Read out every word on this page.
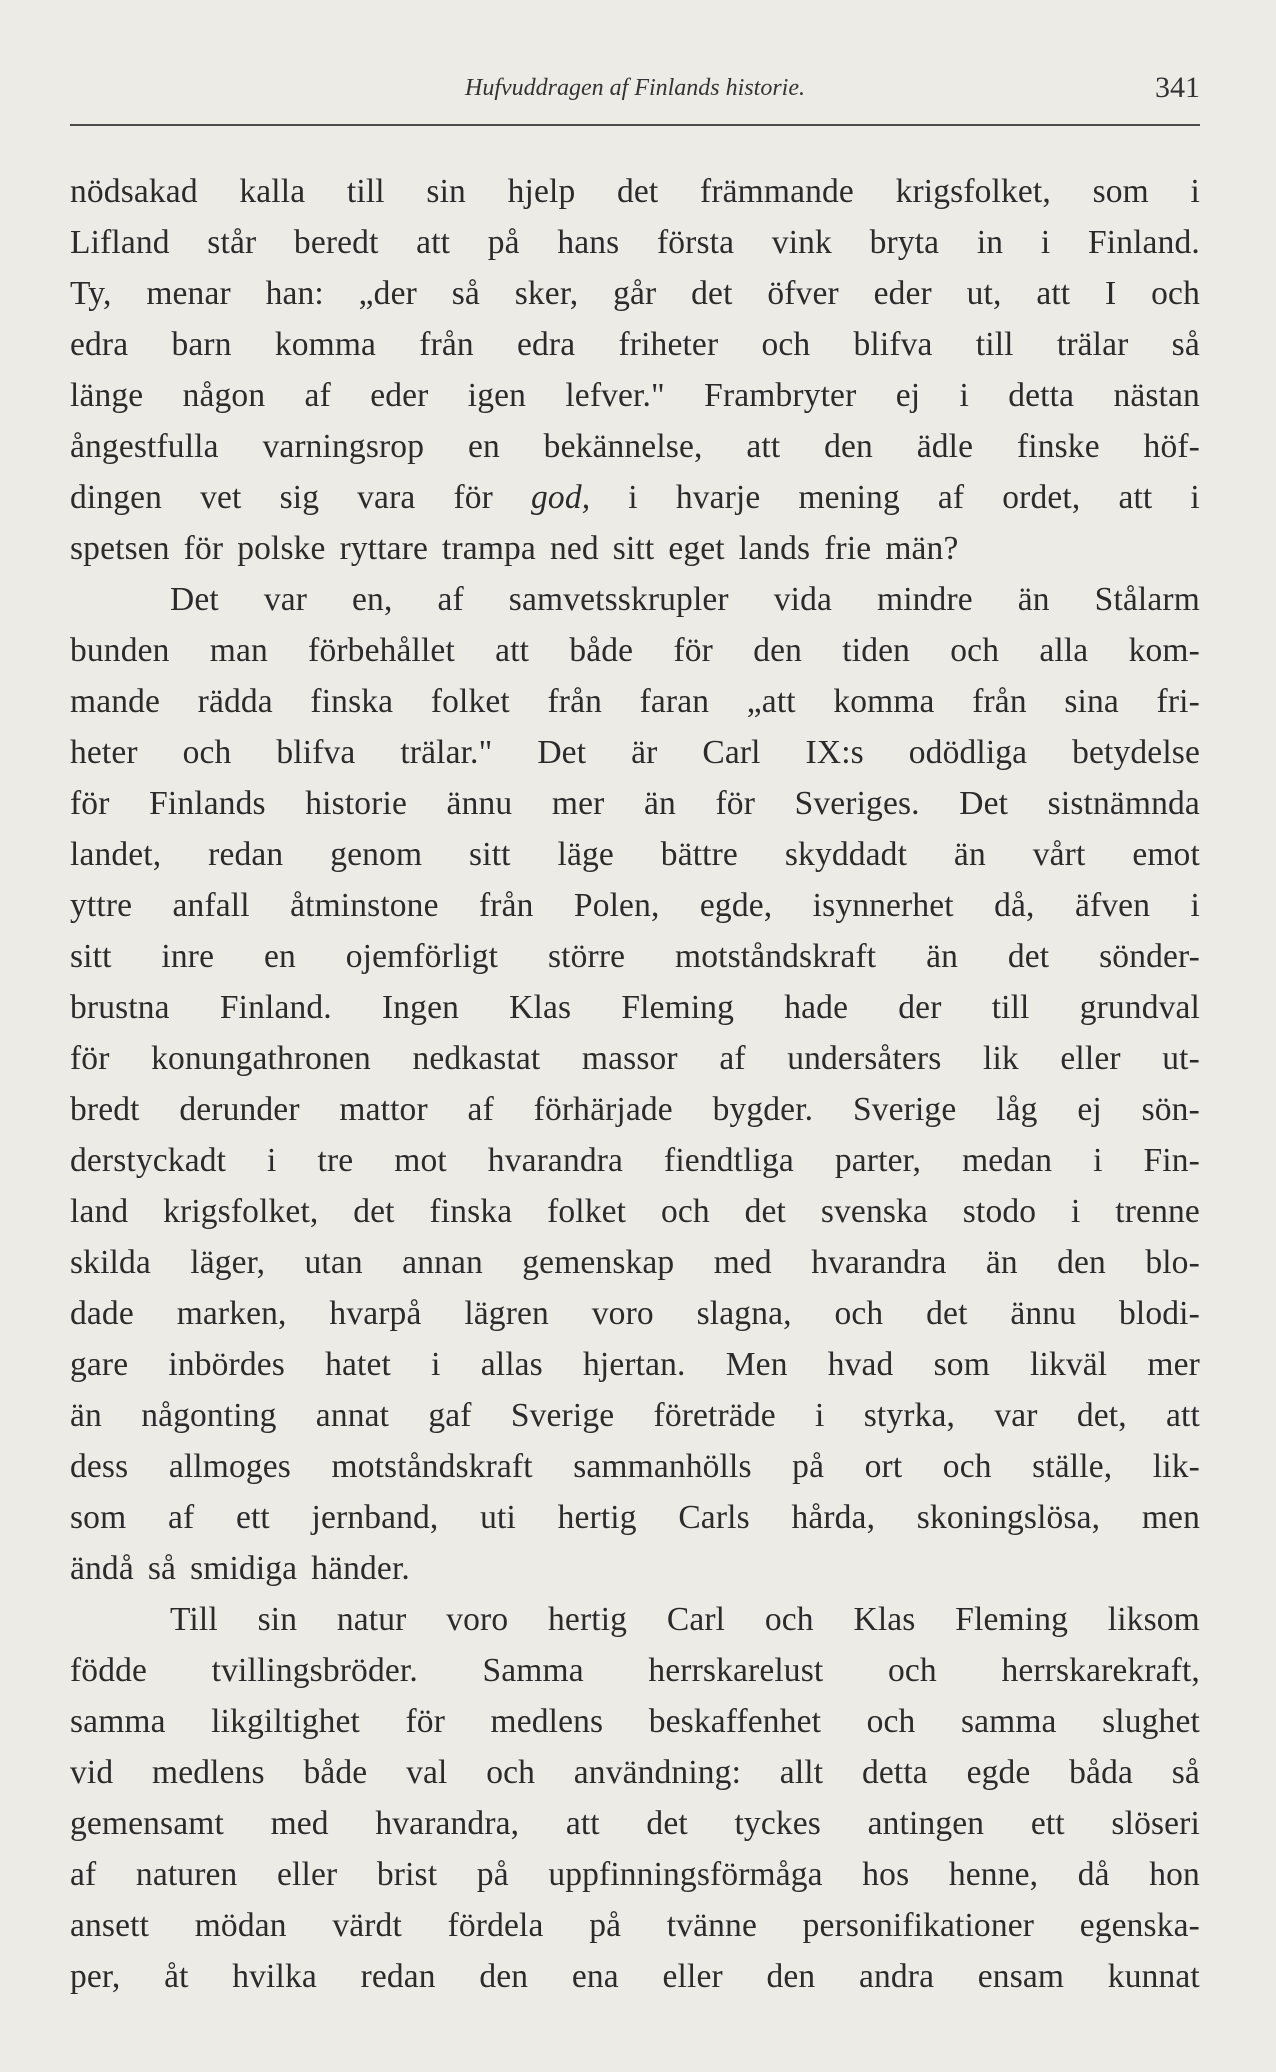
Hufvuddragen af Finlands historie.	341
nödsakad kalla till sin hjelp det främmande krigsfolket, som i
Lifland står beredt att på hans första vink bryta in i Finland.
Ty, menar han: „der så sker, går det öfver eder ut, att I och
edra barn komma från edra friheter och blifva till trälar så
länge någon af eder igen lefver." Frambryter ej i detta nästan
ångestfulla varningsrop en bekännelse, att den ädle finske höf-
dingen vet sig vara för god, i hvarje mening af ordet, att i
spetsen för polske ryttare trampa ned sitt eget lands frie män?
Det var en, af samvetsskrupler vida mindre än Stålarm
bunden man förbehållet att både för den tiden och alla kom-
mande rädda finska folket från faran „att komma från sina fri-
heter och blifva trälar." Det är Carl IX:s odödliga betydelse
för Finlands historie ännu mer än för Sveriges. Det sistnämnda
landet, redan genom sitt läge bättre skyddadt än vårt emot
yttre anfall åtminstone från Polen, egde, isynnerhet då, äfven i
sitt inre en ojemförligt större motståndskraft än det sönder-
brustna Finland. Ingen Klas Fleming hade der till grundval
för konungathronen nedkastat massor af undersåters lik eller ut-
bredt derunder mattor af förhärjade bygder. Sverige låg ej sön-
derstyckadt i tre mot hvarandra fiendtliga parter, medan i Fin-
land krigsfolket, det finska folket och det svenska stodo i trenne
skilda läger, utan annan gemenskap med hvarandra än den blo-
dade marken, hvarpå lägren voro slagna, och det ännu blodi-
gare inbördes hatet i allas hjertan. Men hvad som likväl mer
än någonting annat gaf Sverige företräde i styrka, var det, att
dess allmoges motståndskraft sammanhölls på ort och ställe, lik-
som af ett jernband, uti hertig Carls hårda, skoningslösa, men
ändå så smidiga händer.
Till sin natur voro hertig Carl och Klas Fleming liksom
födde tvillingsbröder. Samma herrskarelust och herrskarekraft,
samma likgiltighet för medlens beskaffenhet och samma slughet
vid medlens både val och användning: allt detta egde båda så
gemensamt med hvarandra, att det tyckes antingen ett slöseri
af naturen eller brist på uppfinningsförmåga hos henne, då hon
ansett mödan värdt fördela på tvänne personifikationer egenska-
per, åt hvilka redan den ena eller den andra ensam kunnat
